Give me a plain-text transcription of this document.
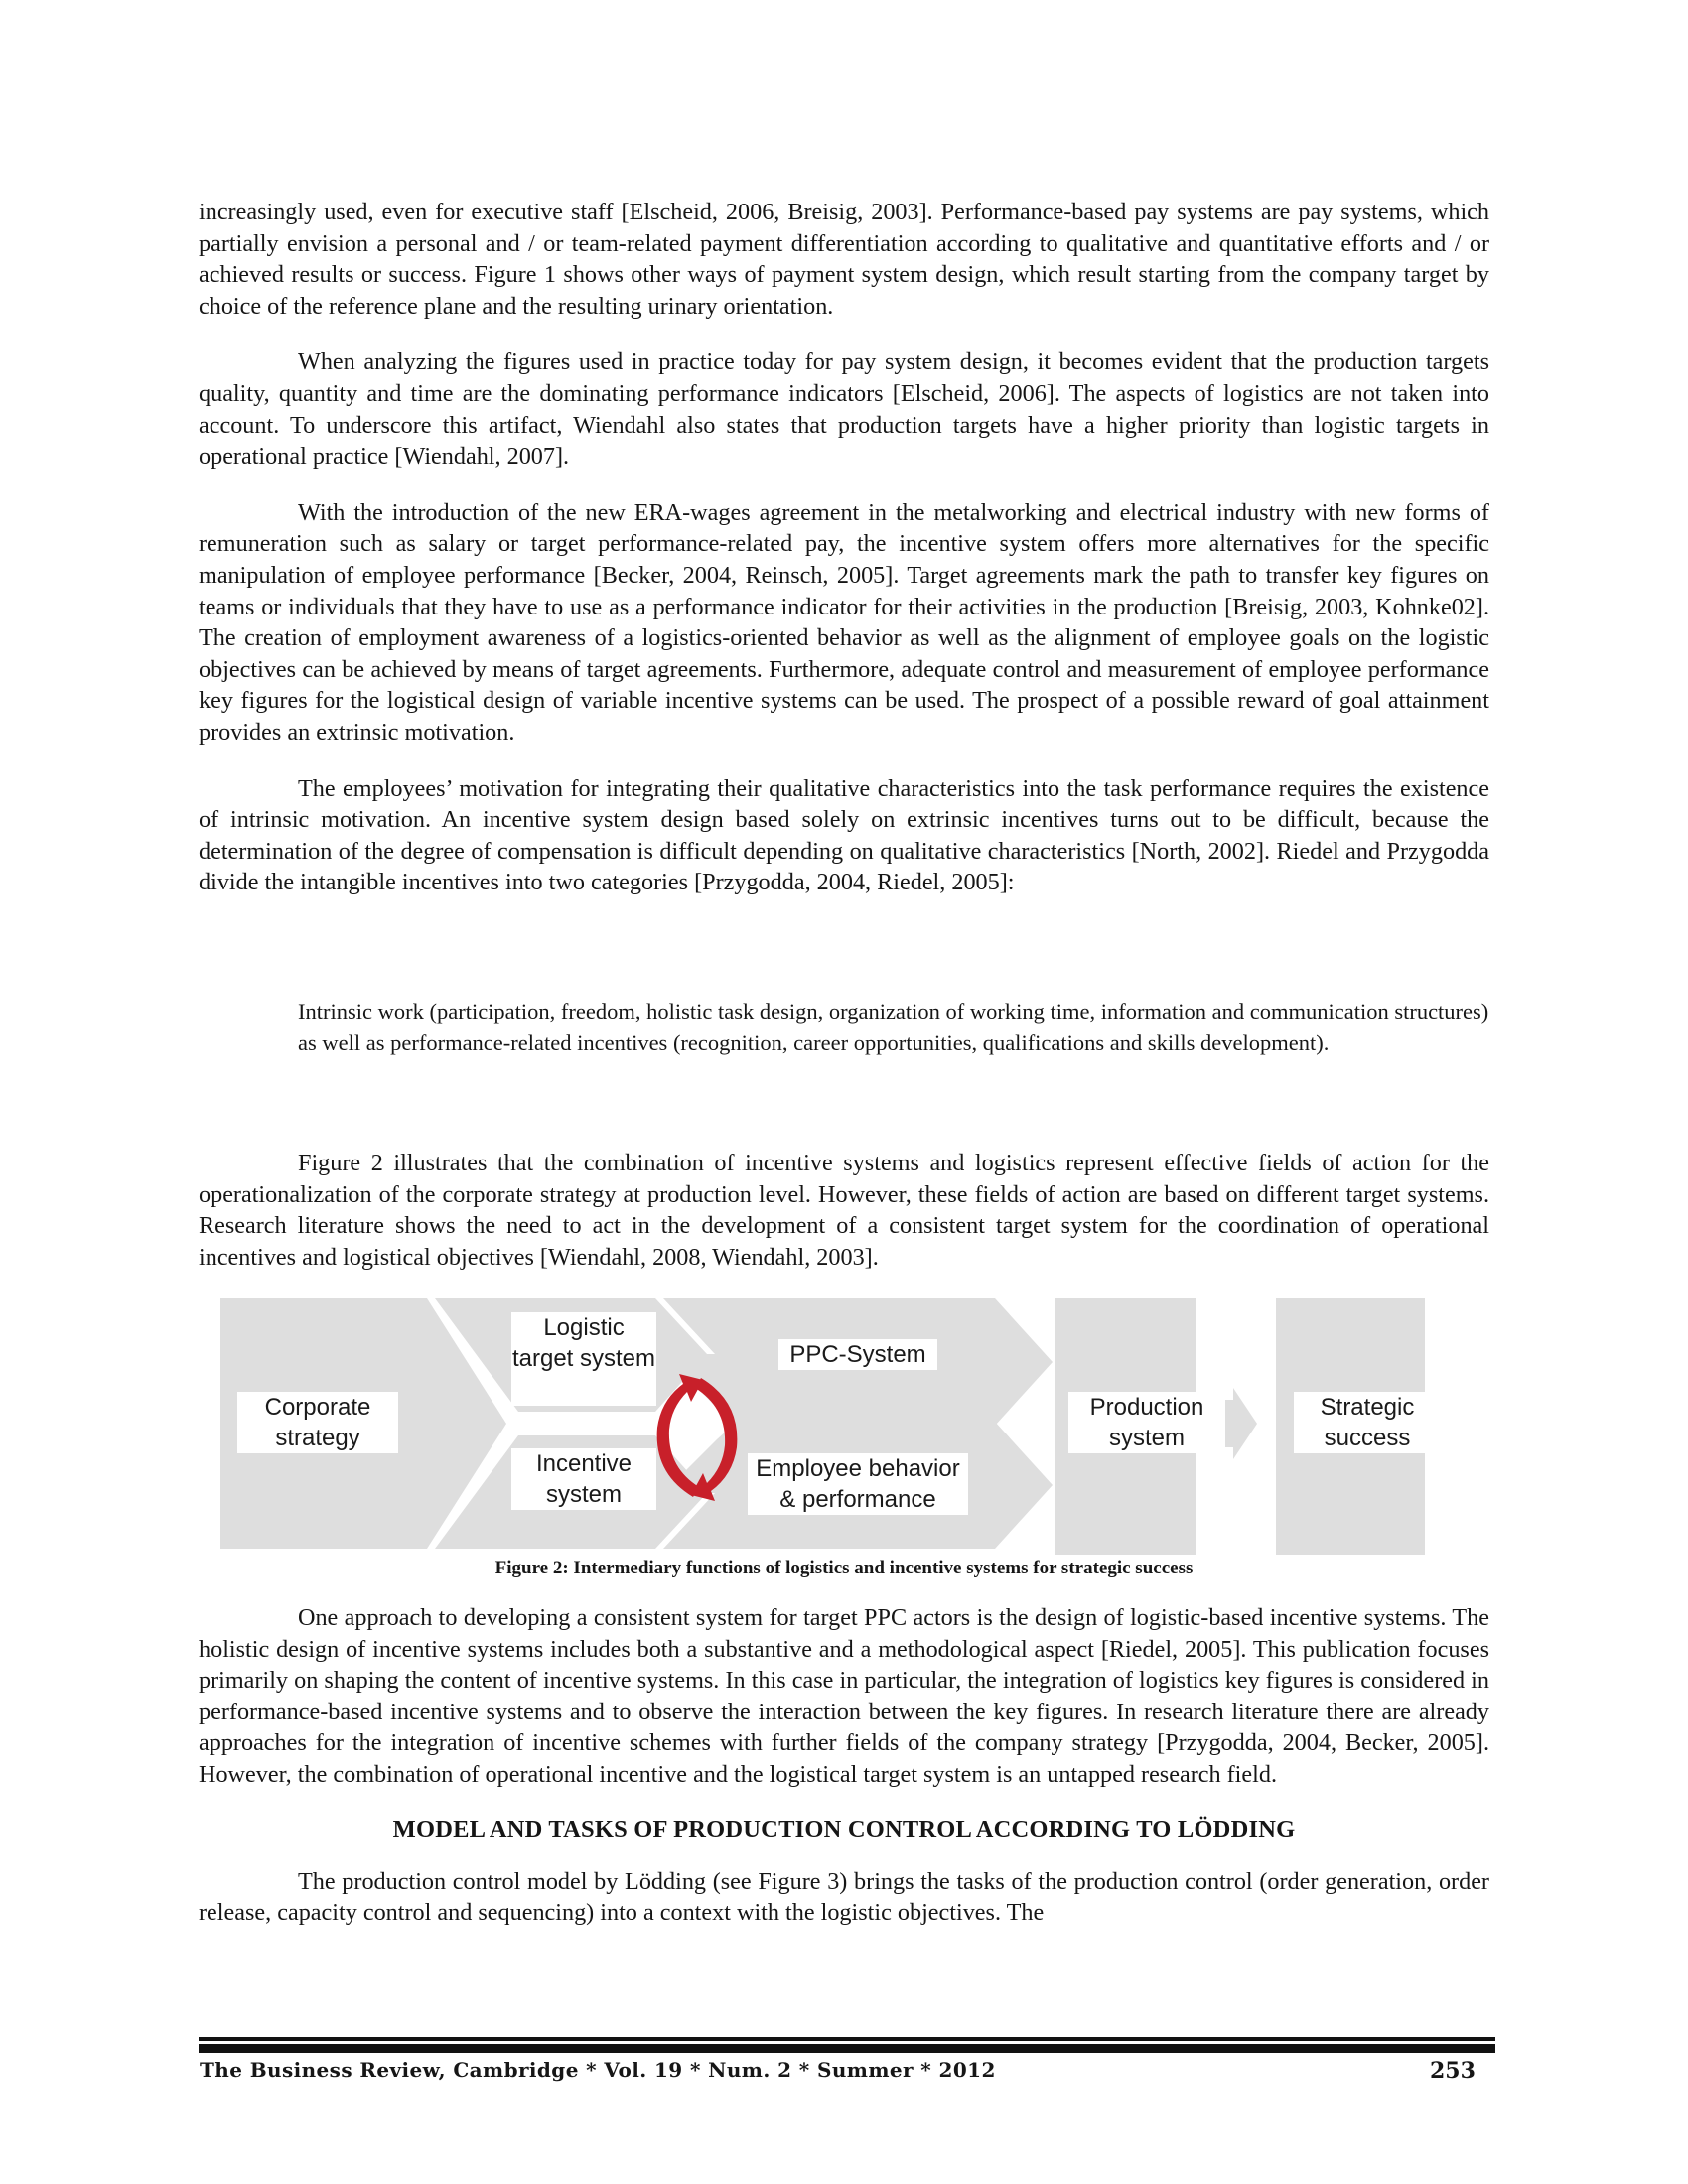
increasingly used, even for executive staff [Elscheid, 2006, Breisig, 2003]. Performance-based pay systems are pay systems, which partially envision a personal and / or team-related payment differentiation according to qualitative and quantitative efforts and / or achieved results or success. Figure 1 shows other ways of payment system design, which result starting from the company target by choice of the reference plane and the resulting urinary orientation.

When analyzing the figures used in practice today for pay system design, it becomes evident that the production targets quality, quantity and time are the dominating performance indicators [Elscheid, 2006]. The aspects of logistics are not taken into account. To underscore this artifact, Wiendahl also states that production targets have a higher priority than logistic targets in operational practice [Wiendahl, 2007].

With the introduction of the new ERA-wages agreement in the metalworking and electrical industry with new forms of remuneration such as salary or target performance-related pay, the incentive system offers more alternatives for the specific manipulation of employee performance [Becker, 2004, Reinsch, 2005]. Target agreements mark the path to transfer key figures on teams or individuals that they have to use as a performance indicator for their activities in the production [Breisig, 2003, Kohnke02]. The creation of employment awareness of a logistics-oriented behavior as well as the alignment of employee goals on the logistic objectives can be achieved by means of target agreements. Furthermore, adequate control and measurement of employee performance key figures for the logistical design of variable incentive systems can be used. The prospect of a possible reward of goal attainment provides an extrinsic motivation.

The employees’ motivation for integrating their qualitative characteristics into the task performance requires the existence of intrinsic motivation. An incentive system design based solely on extrinsic incentives turns out to be difficult, because the determination of the degree of compensation is difficult depending on qualitative characteristics [North, 2002]. Riedel and Przygodda divide the intangible incentives into two categories [Przygodda, 2004, Riedel, 2005]:

Intrinsic work (participation, freedom, holistic task design, organization of working time, information and communication structures)

as well as performance-related incentives (recognition, career opportunities, qualifications and skills development).

Figure 2 illustrates that the combination of incentive systems and logistics represent effective fields of action for the operationalization of the corporate strategy at production level. However, these fields of action are based on different target systems. Research literature shows the need to act in the development of a consistent target system for the coordination of operational incentives and logistical objectives [Wiendahl, 2008, Wiendahl, 2003].

Corporate strategy
Logistic target system
Incentive system
PPC-System
Employee behavior & performance
Production system
Strategic success
Figure 2: Intermediary functions of logistics and incentive systems for strategic success

One approach to developing a consistent system for target PPC actors is the design of logistic-based incentive systems. The holistic design of incentive systems includes both a substantive and a methodological aspect [Riedel, 2005]. This publication focuses primarily on shaping the content of incentive systems. In this case in particular, the integration of logistics key figures is considered in performance-based incentive systems and to observe the interaction between the key figures. In research literature there are already approaches for the integration of incentive schemes with further fields of the company strategy [Przygodda, 2004, Becker, 2005]. However, the combination of operational incentive and the logistical target system is an untapped research field.

MODEL AND TASKS OF PRODUCTION CONTROL ACCORDING TO LÖDDING

The production control model by Lödding (see Figure 3) brings the tasks of the production control (order generation, order release, capacity control and sequencing) into a context with the logistic objectives. The

The Business Review, Cambridge * Vol. 19 * Num. 2 * Summer * 2012	253
